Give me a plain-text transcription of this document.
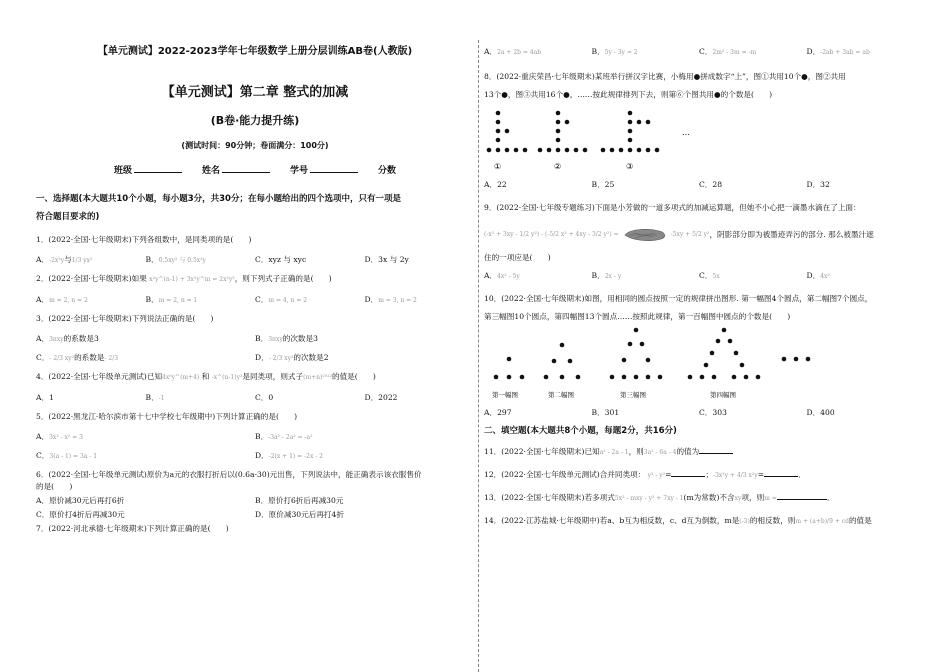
【单元测试】2022-2023学年七年级数学上册分层训练AB卷(人教版)
【单元测试】第二章 整式的加减
(B卷·能力提升练)
(测试时间：90分钟；卷面满分：100分)
班级	姓名	学号	分数
一、选择题(本大题共10个小题，每小题3分，共30分；在每小题给出的四个选项中，只有一项是
符合题目要求的)
1．(2022·全国·七年级期末)下列各组数中，是同类项的是(　　)
A．-2x²y与1/3 yx²	B．0.5xy² 与 0.5x²y	C．xyz 与 xyc	D．3x 与 2y
2．(2022·全国·七年级期末)如果 x²y^(n-1) + 3x²y^m = 2x²y³，则下列式子正确的是(　　)
A．m = 2, n = 2	B．m = 2, n = 1	C．m = 4, n = 2	D．m = 3, n = 2
3．(2022·全国·七年级期末)下列说法正确的是(　　)
A．3πxy的系数是3	B．3πxy的次数是3
C．- 2/3 xy²的系数是- 2/3	D．- 2/3 xy²的次数是2
4．(2022·全国·七年级单元测试)已知4x⁵y^(m+4) 和 -x^(n-1)y²是同类项，则式子(m+n)²⁰²²的值是(　　)
A．1	B．-1	C．0	D．2022
5．(2022·黑龙江·哈尔滨市第十七中学校七年级期中)下列计算正确的是(　　)
A．3x² - x² = 3	B．-3a² - 2a² = -a²
C．3(a - 1) = 3a - 1	D．-2(x + 1) = -2x - 2
6．(2022·全国·七年级单元测试)原价为a元的衣服打折后以(0.6a-30)元出售，下列说法中，能正确表示该衣服售价
的是(　　)
A．原价减30元后再打6折	B．原价打6折后再减30元
C．原价打4折后再减30元	D．原价减30元后再打4折
7．(2022·河北承德·七年级期末)下列计算正确的是(　　)
A．2a + 2b = 4ab	B．5y - 3y = 2	C．2m² - 3m = -m	D．-2ab + 3ab = ab
8．(2022·重庆荣昌·七年级期末)某班举行拼汉字比赛，小梅用●拼成数字“上”，图①共用10个●，图②共用
13个●，图③共用16个●，……按此规律排列下去，则第⑥个图共用●的个数是(　　)
①	②	③
…
A．22	B．25	C．28	D．32
9．(2022·全国·七年级专题练习)下面是小芳做的一道多项式的加减运算题，但她不小心把一滴墨水滴在了上面：
(-x² + 3xy - 1/2 y²) - (-5/2 x² + 4xy - 3/2 y²) =	-5xy + 5/2 y² ，阴影部分即为被墨迹弄污的部分. 那么被墨汁遮
住的一项应是(　　)
A．4x² - 5y	B．2x - y	C．5x	D．4x²
10．(2022·全国·七年级期末)如图，用相同的圆点按照一定的规律拼出图形. 第一幅图4个圆点，第二幅图7个圆点，
第三幅图10个圆点，第四幅图13个圆点……按照此规律，第一百幅图中圆点的个数是(　　)
第一幅图	第二幅图	第三幅图	第四幅图
A．297	B．301	C．303	D．400
二、填空题(本大题共8个小题，每题2分，共16分)
11．(2022·全国·七年级期末)已知a² - 2a - 1，则3a² - 6a - 4的值为
12．(2022·全国·七年级单元测试)合并同类项： y² - y²=	；-3x²y + 4/3 x²y=	．
13．(2022·全国·七年级期末)若多项式5x² - mxy - y² + 7xy - 1(m为常数)不含xy项，则m =	．
14．(2022·江苏盐城·七年级期中)若a、b互为相反数，c、d互为倒数，m是(-3)的相反数，则m + (a+b)/9 + cd的值是
